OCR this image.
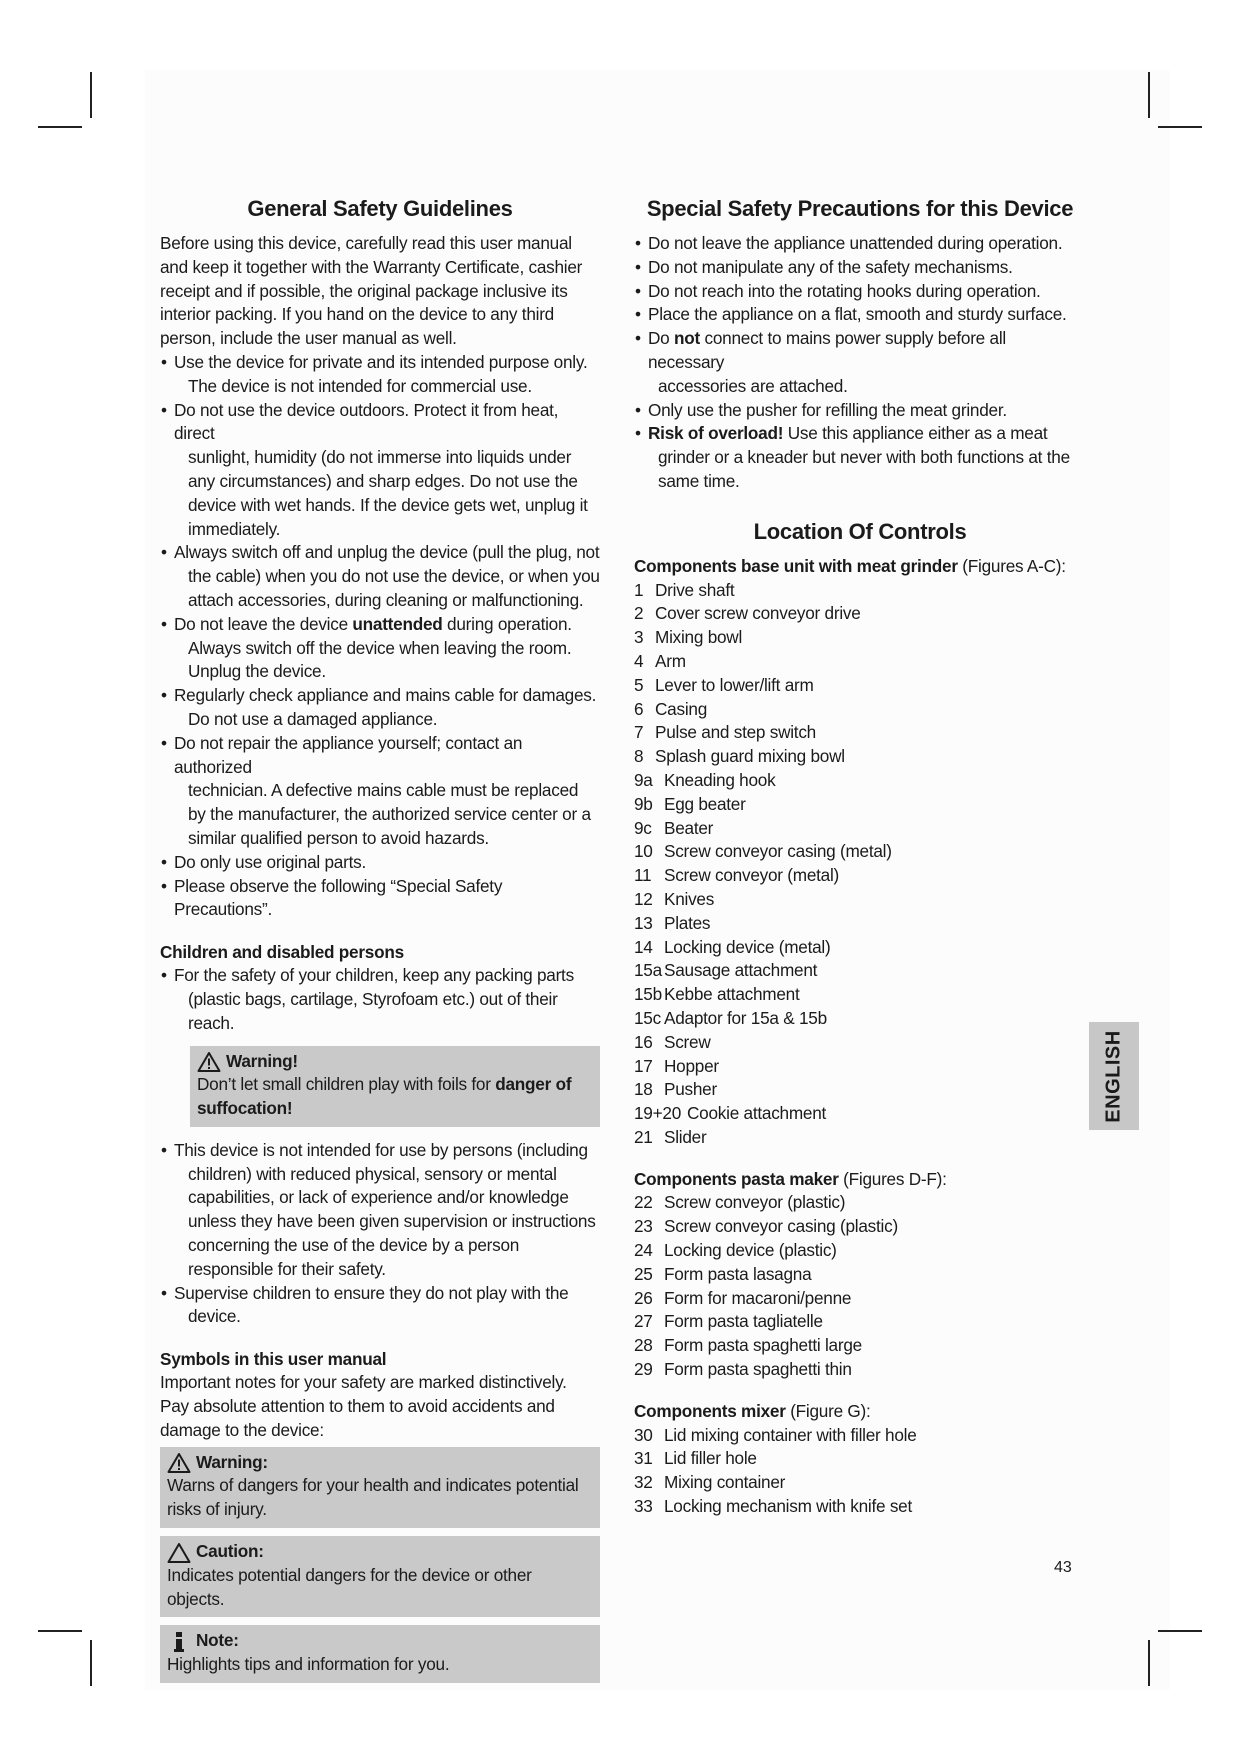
General Safety Guidelines

Before using this device, carefully read this user manual and keep it together with the Warranty Certificate, cashier receipt and if possible, the original package inclusive its interior packing. If you hand on the device to any third person, include the user manual as well.

• Use the device for private and its intended purpose only.
The device is not intended for commercial use.
• Do not use the device outdoors. Protect it from heat, direct
sunlight, humidity (do not immerse into liquids under any circumstances) and sharp edges. Do not use the device with wet hands. If the device gets wet, unplug it immediately.
• Always switch off and unplug the device (pull the plug, not
the cable) when you do not use the device, or when you attach accessories, during cleaning or malfunctioning.
• Do not leave the device unattended during operation.
Always switch off the device when leaving the room. Unplug the device.
• Regularly check appliance and mains cable for damages.
Do not use a damaged appliance.
• Do not repair the appliance yourself; contact an authorized
technician. A defective mains cable must be replaced by the manufacturer, the authorized service center or a similar qualified person to avoid hazards.
• Do only use original parts.
• Please observe the following “Special Safety Precautions”.
Children and disabled persons
• For the safety of your children, keep any packing parts
(plastic bags, cartilage, Styrofoam etc.) out of their reach.
Warning!
Don’t let small children play with foils for danger of suffocation!
• This device is not intended for use by persons (including
children) with reduced physical, sensory or mental capabilities, or lack of experience and/or knowledge unless they have been given supervision or instructions concerning the use of the device by a person responsible for their safety.
• Supervise children to ensure they do not play with the
device.
Symbols in this user manual

Important notes for your safety are marked distinctively. Pay absolute attention to them to avoid accidents and damage to the device:

Warning:
Warns of dangers for your health and indicates potential risks of injury.
Caution:
Indicates potential dangers for the device or other objects.
Note:
Highlights tips and information for you.
Special Safety Precautions for this Device
• Do not leave the appliance unattended during operation.
• Do not manipulate any of the safety mechanisms.
• Do not reach into the rotating hooks during operation.
• Place the appliance on a flat, smooth and sturdy surface.
• Do not connect to mains power supply before all necessary
accessories are attached.
• Only use the pusher for refilling the meat grinder.
• Risk of overload! Use this appliance either as a meat
grinder or a kneader but never with both functions at the same time.
Location Of Controls

Components base unit with meat grinder (Figures A-C):

1 Drive shaft
2 Cover screw conveyor drive
3 Mixing bowl
4 Arm
5 Lever to lower/lift arm
6 Casing
7 Pulse and step switch
8 Splash guard mixing bowl
9a Kneading hook
9b Egg beater
9c Beater
10 Screw conveyor casing (metal)
11 Screw conveyor (metal)
12 Knives
13 Plates
14 Locking device (metal)
15a Sausage attachment
15b Kebbe attachment
15c Adaptor for 15a & 15b
16 Screw
17 Hopper
18 Pusher
19+20 Cookie attachment
21 Slider

Components pasta maker (Figures D-F):

22 Screw conveyor (plastic)
23 Screw conveyor casing (plastic)
24 Locking device (plastic)
25 Form pasta lasagna
26 Form for macaroni/penne
27 Form pasta tagliatelle
28 Form pasta spaghetti large
29 Form pasta spaghetti thin

Components mixer (Figure G):

30 Lid mixing container with filler hole
31 Lid filler hole
32 Mixing container
33 Locking mechanism with knife set
ENGLISH
43
